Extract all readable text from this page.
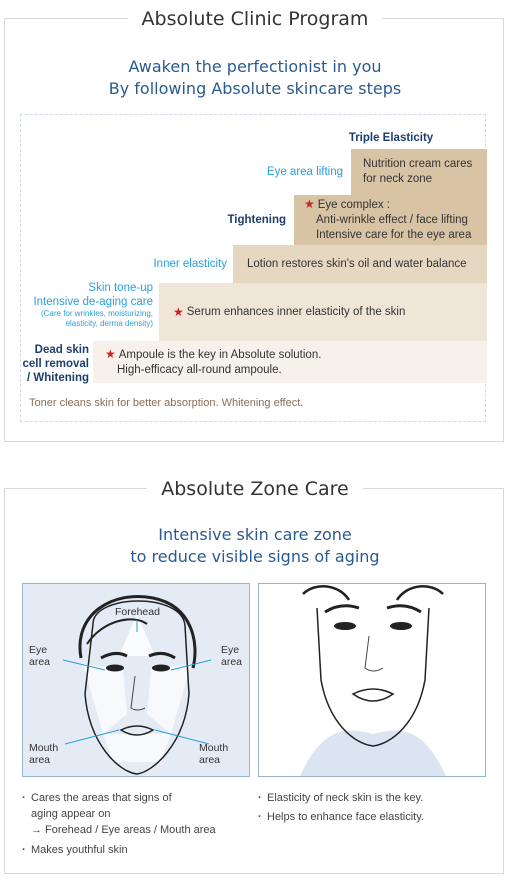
Absolute Clinic Program
Awaken the perfectionist in you
By following Absolute skincare steps
Triple Elasticity
Nutrition cream cares
for neck zone
Eye area lifting
★ Eye complex :
Anti-wrinkle effect / face lifting
Intensive care for the eye area
Tightening
Lotion restores skin's oil and water balance
Inner elasticity
★ Serum enhances inner elasticity of the skin
Skin tone-up
Intensive de-aging care
(Care for wrinkles, moisturizing,
elasticity, derma density)
★ Ampoule is the key in Absolute solution.
High-efficacy all-round ampoule.
Dead skin
cell removal
/ Whitening
Toner cleans skin for better absorption. Whitening effect.
Absolute Zone Care
Intensive skin care zone
to reduce visible signs of aging
Forehead
Eye
area
Eye
area
Mouth
area
Mouth
area
· Cares the areas that signs of
aging appear on
→ Forehead / Eye areas / Mouth area
· Makes youthful skin
· Elasticity of neck skin is the key.
· Helps to enhance face elasticity.
